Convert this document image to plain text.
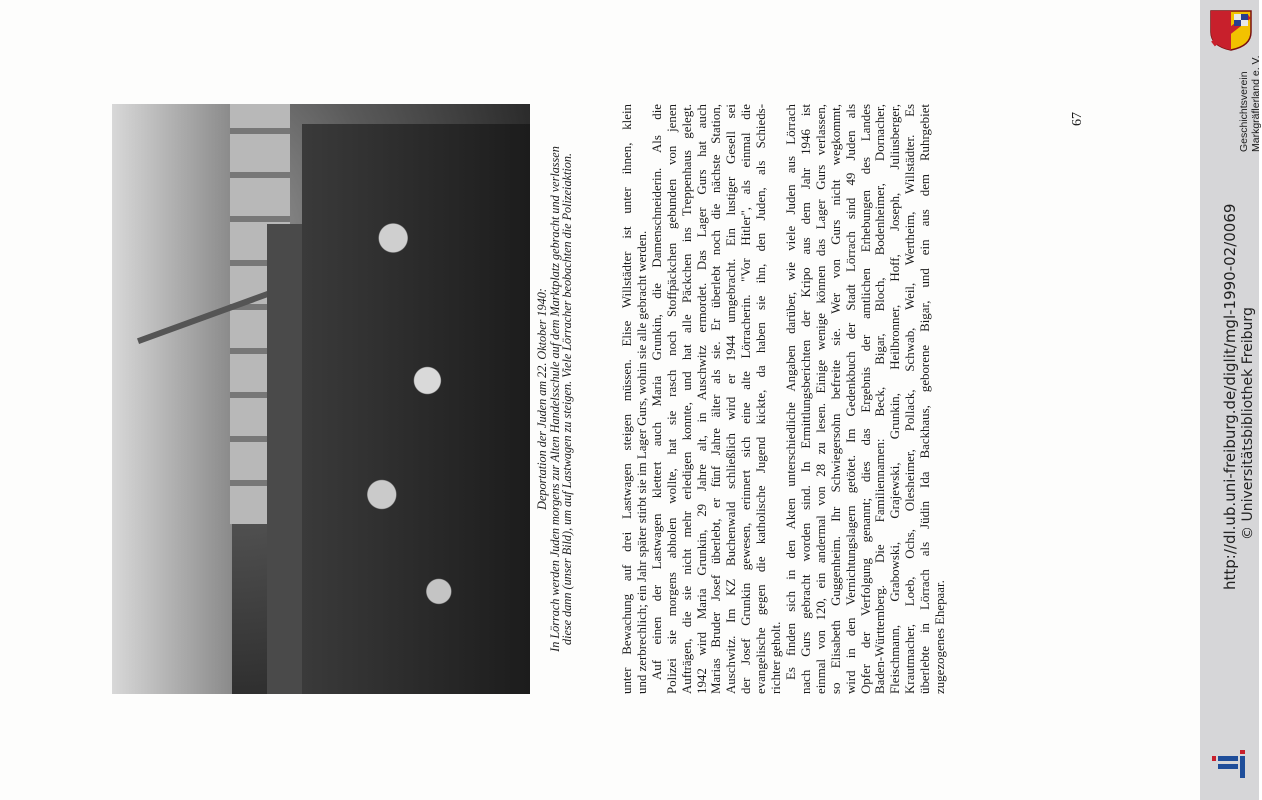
Deportation der Juden am 22. Oktober 1940:
In Lörrach werden Juden morgens zur Alten Handelsschule auf dem Marktplatz gebracht und verlassen
diese dann (unser Bild), um auf Lastwagen zu steigen. Viele Lörracher beobachten die Polizeiaktion.	unter Bewachung auf drei Lastwagen steigen müssen. Elise Willstädter ist unter ihnen, klein und zerbrechlich; ein Jahr später stirbt sie im Lager Gurs, wohin sie alle gebracht werden. Auf einen der Lastwagen klettert auch Maria Grunkin, die Damenschneiderin. Als die Polizei sie morgens abholen wollte, hat sie rasch noch Stoffpäckchen gebunden von jenen Aufträgen, die sie nicht mehr erledigen konnte, und hat alle Päckchen ins Treppenhaus gelegt. 1942 wird Maria Grunkin, 29 Jahre alt, in Auschwitz ermordet. Das Lager Gurs hat auch Marias Bruder Josef überlebt, er fünf Jahre älter als sie. Er überlebt noch die nächste Station, Auschwitz. Im KZ Buchenwald schließlich wird er 1944 umgebracht. Ein lustiger Gesell sei der Josef Grunkin gewesen, erinnert sich eine alte Lörracherin. "Vor Hitler", als einmal die evangelische gegen die katholische Jugend kickte, da haben sie ihn, den Juden, als Schieds- richter geholt. Es finden sich in den Akten unterschiedliche Angaben darüber, wie viele Juden aus Lörrach nach Gurs gebracht worden sind. In Ermittlungsberichten der Kripo aus dem Jahr 1946 ist einmal von 120, ein andermal von 28 zu lesen. Einige wenige können das Lager Gurs verlassen, so Elisabeth Guggenheim. Ihr Schwiegersohn befreite sie. Wer von Gurs nicht wegkommt, wird in den Vernichtungslagern getötet. Im Gedenkbuch der Stadt Lörrach sind 49 Juden als Opfer der Verfolgung genannt; dies das Ergebnis der amtlichen Erhebungen des Landes Baden-Württemberg. Die Familiennamen: Beck, Bigar, Bloch, Bodenheimer, Dornacher, Fleischmann, Grabowski, Grajewski, Grunkin, Heilbronner, Hoff, Joseph, Juliusberger, Krautmacher, Loeb, Ochs, Olesheimer, Pollack, Schwab, Weil, Wertheim, Willstädter. Es überlebte in Lörrach als Jüdin Ida Backhaus, geborene Bigar, und ein aus dem Ruhrgebiet zugezogenes Ehepaar.
67	Geschichtsverein Markgräflerland e. V.
http://dl.ub.uni-freiburg.de/diglit/mgl-1990-02/0069 © Universitätsbibliothek Freiburg
